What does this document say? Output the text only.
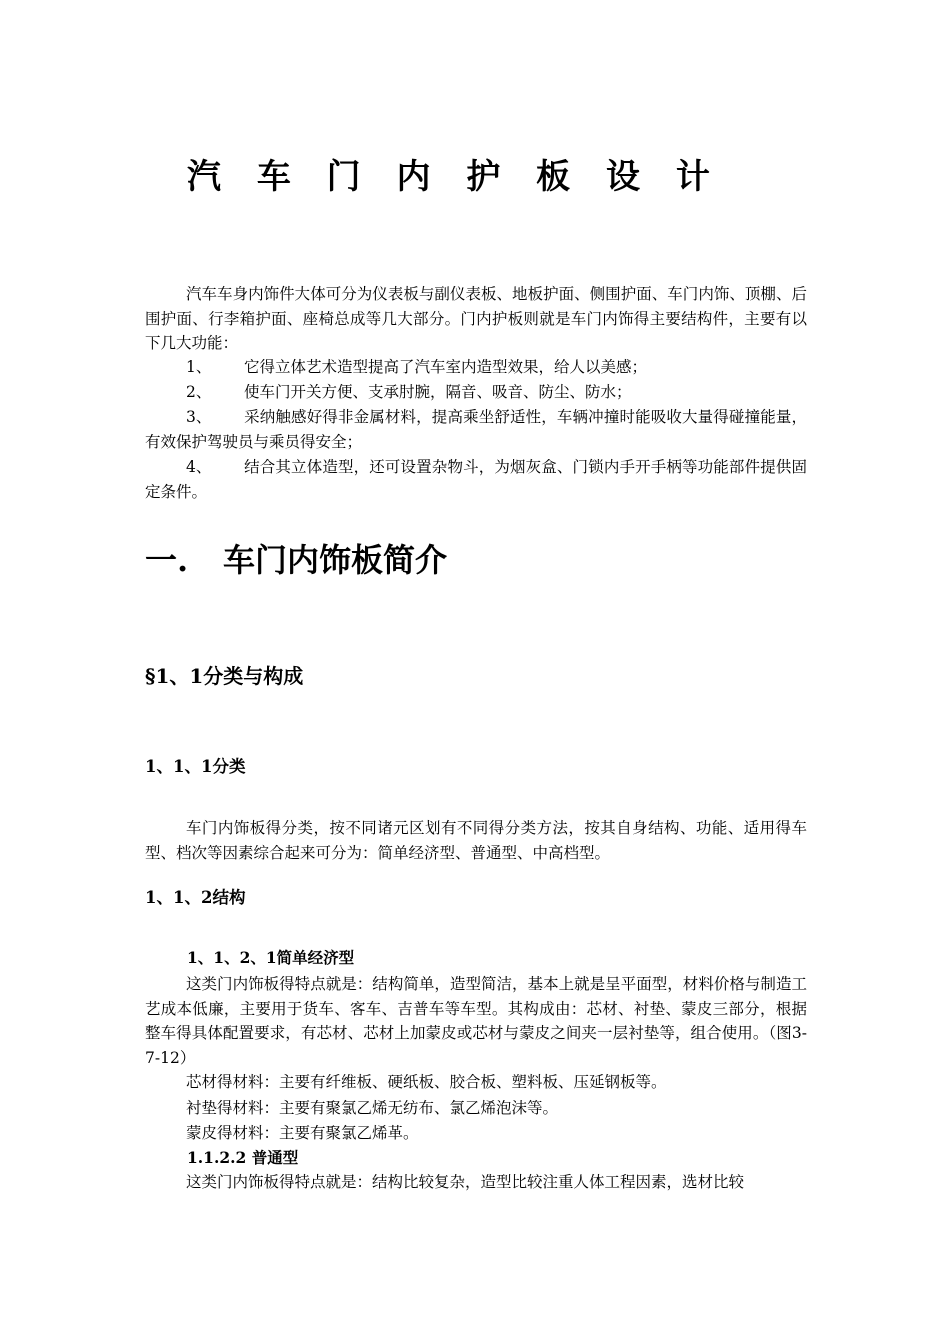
汽 车 门 内 护 板 设 计

汽车车身内饰件大体可分为仪表板与副仪表板、地板护面、侧围护面、车门内饰、顶棚、后围护面、行李箱护面、座椅总成等几大部分。门内护板则就是车门内饰得主要结构件，主要有以下几大功能：

1、 它得立体艺术造型提高了汽车室内造型效果，给人以美感；

2、 使车门开关方便、支承肘腕，隔音、吸音、防尘、防水；

3、 采纳触感好得非金属材料，提高乘坐舒适性，车辆冲撞时能吸收大量得碰撞能量，有效保护驾驶员与乘员得安全；

4、 结合其立体造型，还可设置杂物斗，为烟灰盒、门锁内手开手柄等功能部件提供固定条件。

一. 车门内饰板简介
§1、1分类与构成
1、1、1分类

车门内饰板得分类，按不同诸元区划有不同得分类方法，按其自身结构、功能、适用得车型、档次等因素综合起来可分为：简单经济型、普通型、中高档型。

1、1、2结构
1、1、2、1简单经济型

这类门内饰板得特点就是：结构简单，造型简洁，基本上就是呈平面型，材料价格与制造工艺成本低廉，主要用于货车、客车、吉普车等车型。其构成由：芯材、衬垫、蒙皮三部分，根据整车得具体配置要求，有芯材、芯材上加蒙皮或芯材与蒙皮之间夹一层衬垫等，组合使用。（图3-7-12）

芯材得材料：主要有纤维板、硬纸板、胶合板、塑料板、压延钢板等。

衬垫得材料：主要有聚氯乙烯无纺布、氯乙烯泡沫等。

蒙皮得材料：主要有聚氯乙烯革。

1.1.2.2 普通型

这类门内饰板得特点就是：结构比较复杂，造型比较注重人体工程因素，选材比较
